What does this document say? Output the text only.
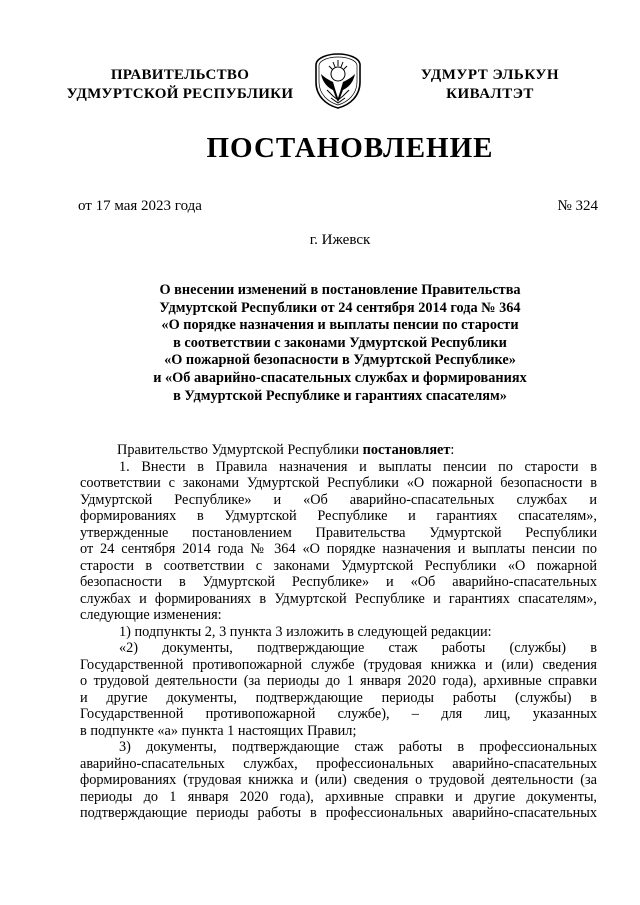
ПРАВИТЕЛЬСТВО
УДМУРТСКОЙ РЕСПУБЛИКИ
УДМУРТ ЭЛЬКУН
КИВАЛТЭТ
ПОСТАНОВЛЕНИЕ
от 17 мая 2023 года	№ 324
г. Ижевск
О внесении изменений в постановление Правительства
Удмуртской Республики от 24 сентября 2014 года № 364
«О порядке назначения и выплаты пенсии по старости
в соответствии с законами Удмуртской Республики
«О пожарной безопасности в Удмуртской Республике»
и «Об аварийно-спасательных службах и формированиях
в Удмуртской Республике и гарантиях спасателям»
Правительство Удмуртской Республики постановляет:
1. Внести в Правила назначения и выплаты пенсии по старости в
соответствии с законами Удмуртской Республики «О пожарной безопасности в
Удмуртской Республике» и «Об аварийно-спасательных службах и
формированиях в Удмуртской Республике и гарантиях спасателям»,
утвержденные постановлением Правительства Удмуртской Республики
от 24 сентября 2014 года № 364 «О порядке назначения и выплаты пенсии по
старости в соответствии с законами Удмуртской Республики «О пожарной
безопасности в Удмуртской Республике» и «Об аварийно-спасательных
службах и формированиях в Удмуртской Республике и гарантиях спасателям»,
следующие изменения:
1) подпункты 2, 3 пункта 3 изложить в следующей редакции:
«2) документы, подтверждающие стаж работы (службы) в
Государственной противопожарной службе (трудовая книжка и (или) сведения
о трудовой деятельности (за периоды до 1 января 2020 года), архивные справки
и другие документы, подтверждающие периоды работы (службы) в
Государственной противопожарной службе), – для лиц, указанных
в подпункте «а» пункта 1 настоящих Правил;
3) документы, подтверждающие стаж работы в профессиональных
аварийно-спасательных службах, профессиональных аварийно-спасательных
формированиях (трудовая книжка и (или) сведения о трудовой деятельности (за
периоды до 1 января 2020 года), архивные справки и другие документы,
подтверждающие периоды работы в профессиональных аварийно-спасательных
